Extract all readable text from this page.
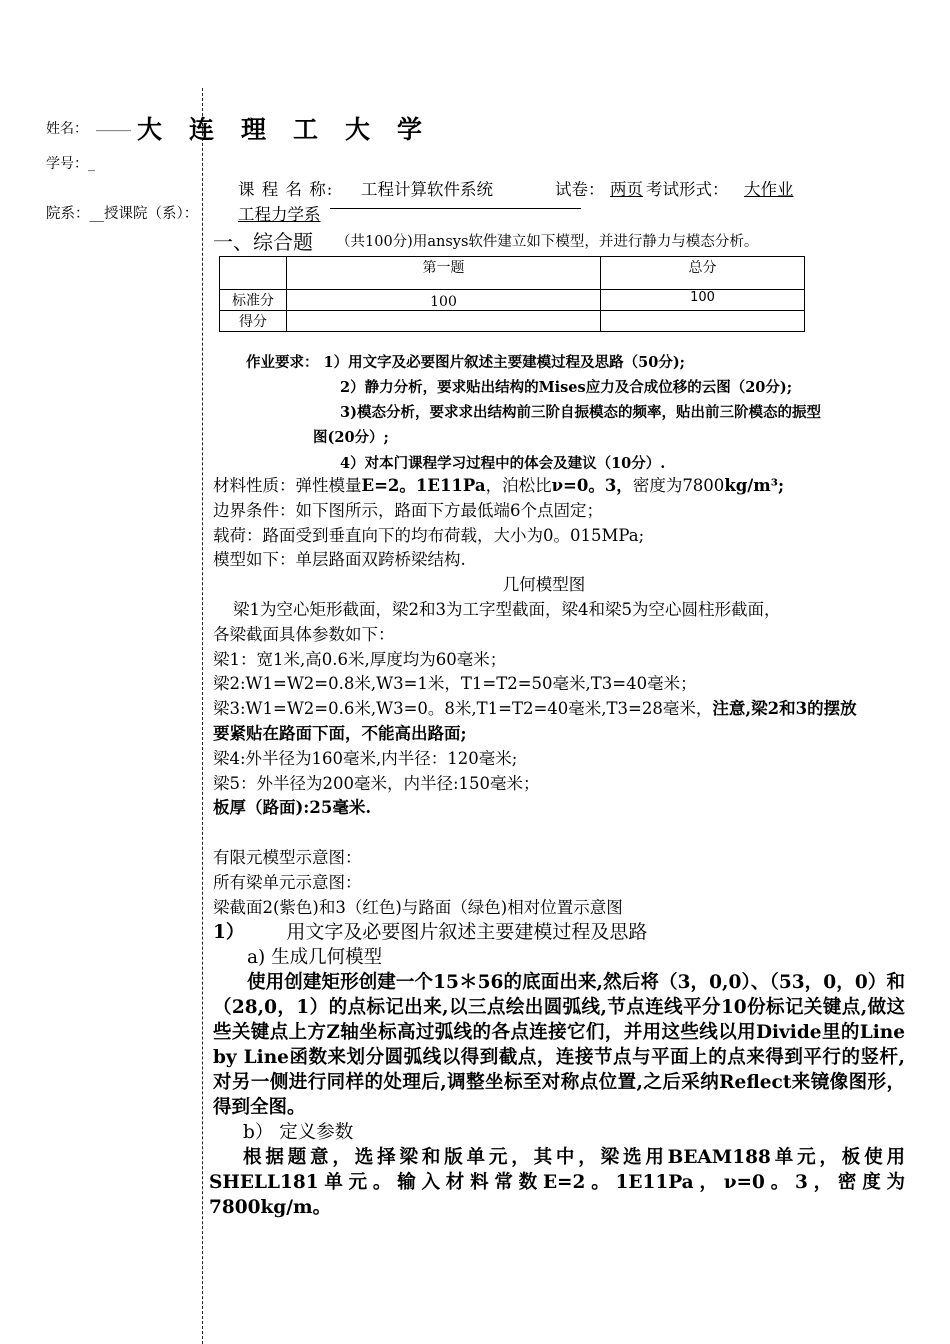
姓名： _____ 大连理工大学
学号：_
院系：__授课院（系）： 工程力学系
课 程 名 称: 工程计算软件系统	试卷： 两页 考试形式： 大作业
一、综合题 （共100分)用ansys软件建立如下模型，并进行静力与模态分析。
	第一题	总分
标准分	100	100
得分		
作业要求： 1）用文字及必要图片叙述主要建模过程及思路（50分);
2）静力分析，要求贴出结构的Mises应力及合成位移的云图（20分);
3)模态分析，要求求出结构前三阶自振模态的频率，贴出前三阶模态的振型
图(20分）;
4）对本门课程学习过程中的体会及建议（10分）.
材料性质：弹性模量E=2。1E11Pa，泊松比ν=0。3，密度为7800kg/m³;
边界条件：如下图所示，路面下方最低端6个点固定；
载荷：路面受到垂直向下的均布荷载，大小为0。015MPa;
模型如下：单层路面双跨桥梁结构.
几何模型图
梁1为空心矩形截面，梁2和3为工字型截面，梁4和梁5为空心圆柱形截面，
各梁截面具体参数如下：
梁1：宽1米,高0.6米,厚度均为60毫米；
梁2:W1=W2=0.8米,W3=1米，T1=T2=50毫米,T3=40毫米；
梁3:W1=W2=0.6米,W3=0。8米,T1=T2=40毫米,T3=28毫米，注意,梁2和3的摆放
要紧贴在路面下面，不能高出路面;
梁4:外半径为160毫米,内半径：120毫米;
梁5：外半径为200毫米，内半径:150毫米；
板厚（路面):25毫米.

有限元模型示意图：
所有梁单元示意图：
梁截面2(紫色)和3（红色)与路面（绿色)相对位置示意图
1） 用文字及必要图片叙述主要建模过程及思路
a) 生成几何模型
使用创建矩形创建一个15＊56的底面出来,然后将（3，0,0）、（53，0，0）和（28,0，1）的点标记出来,以三点绘出圆弧线,节点连线平分10份标记关键点,做这些关键点上方Z轴坐标高过弧线的各点连接它们，并用这些线以用Divide里的Line by Line函数来划分圆弧线以得到截点，连接节点与平面上的点来得到平行的竖杆,对另一侧进行同样的处理后,调整坐标至对称点位置,之后采纳Reflect来镜像图形，得到全图。
b） 定义参数
根据题意，选择梁和版单元，其中，梁选用BEAM188单元，板使用SHELL181单元。输入材料常数E=2。1E11Pa，ν=0。3，密度为7800kg/m。
